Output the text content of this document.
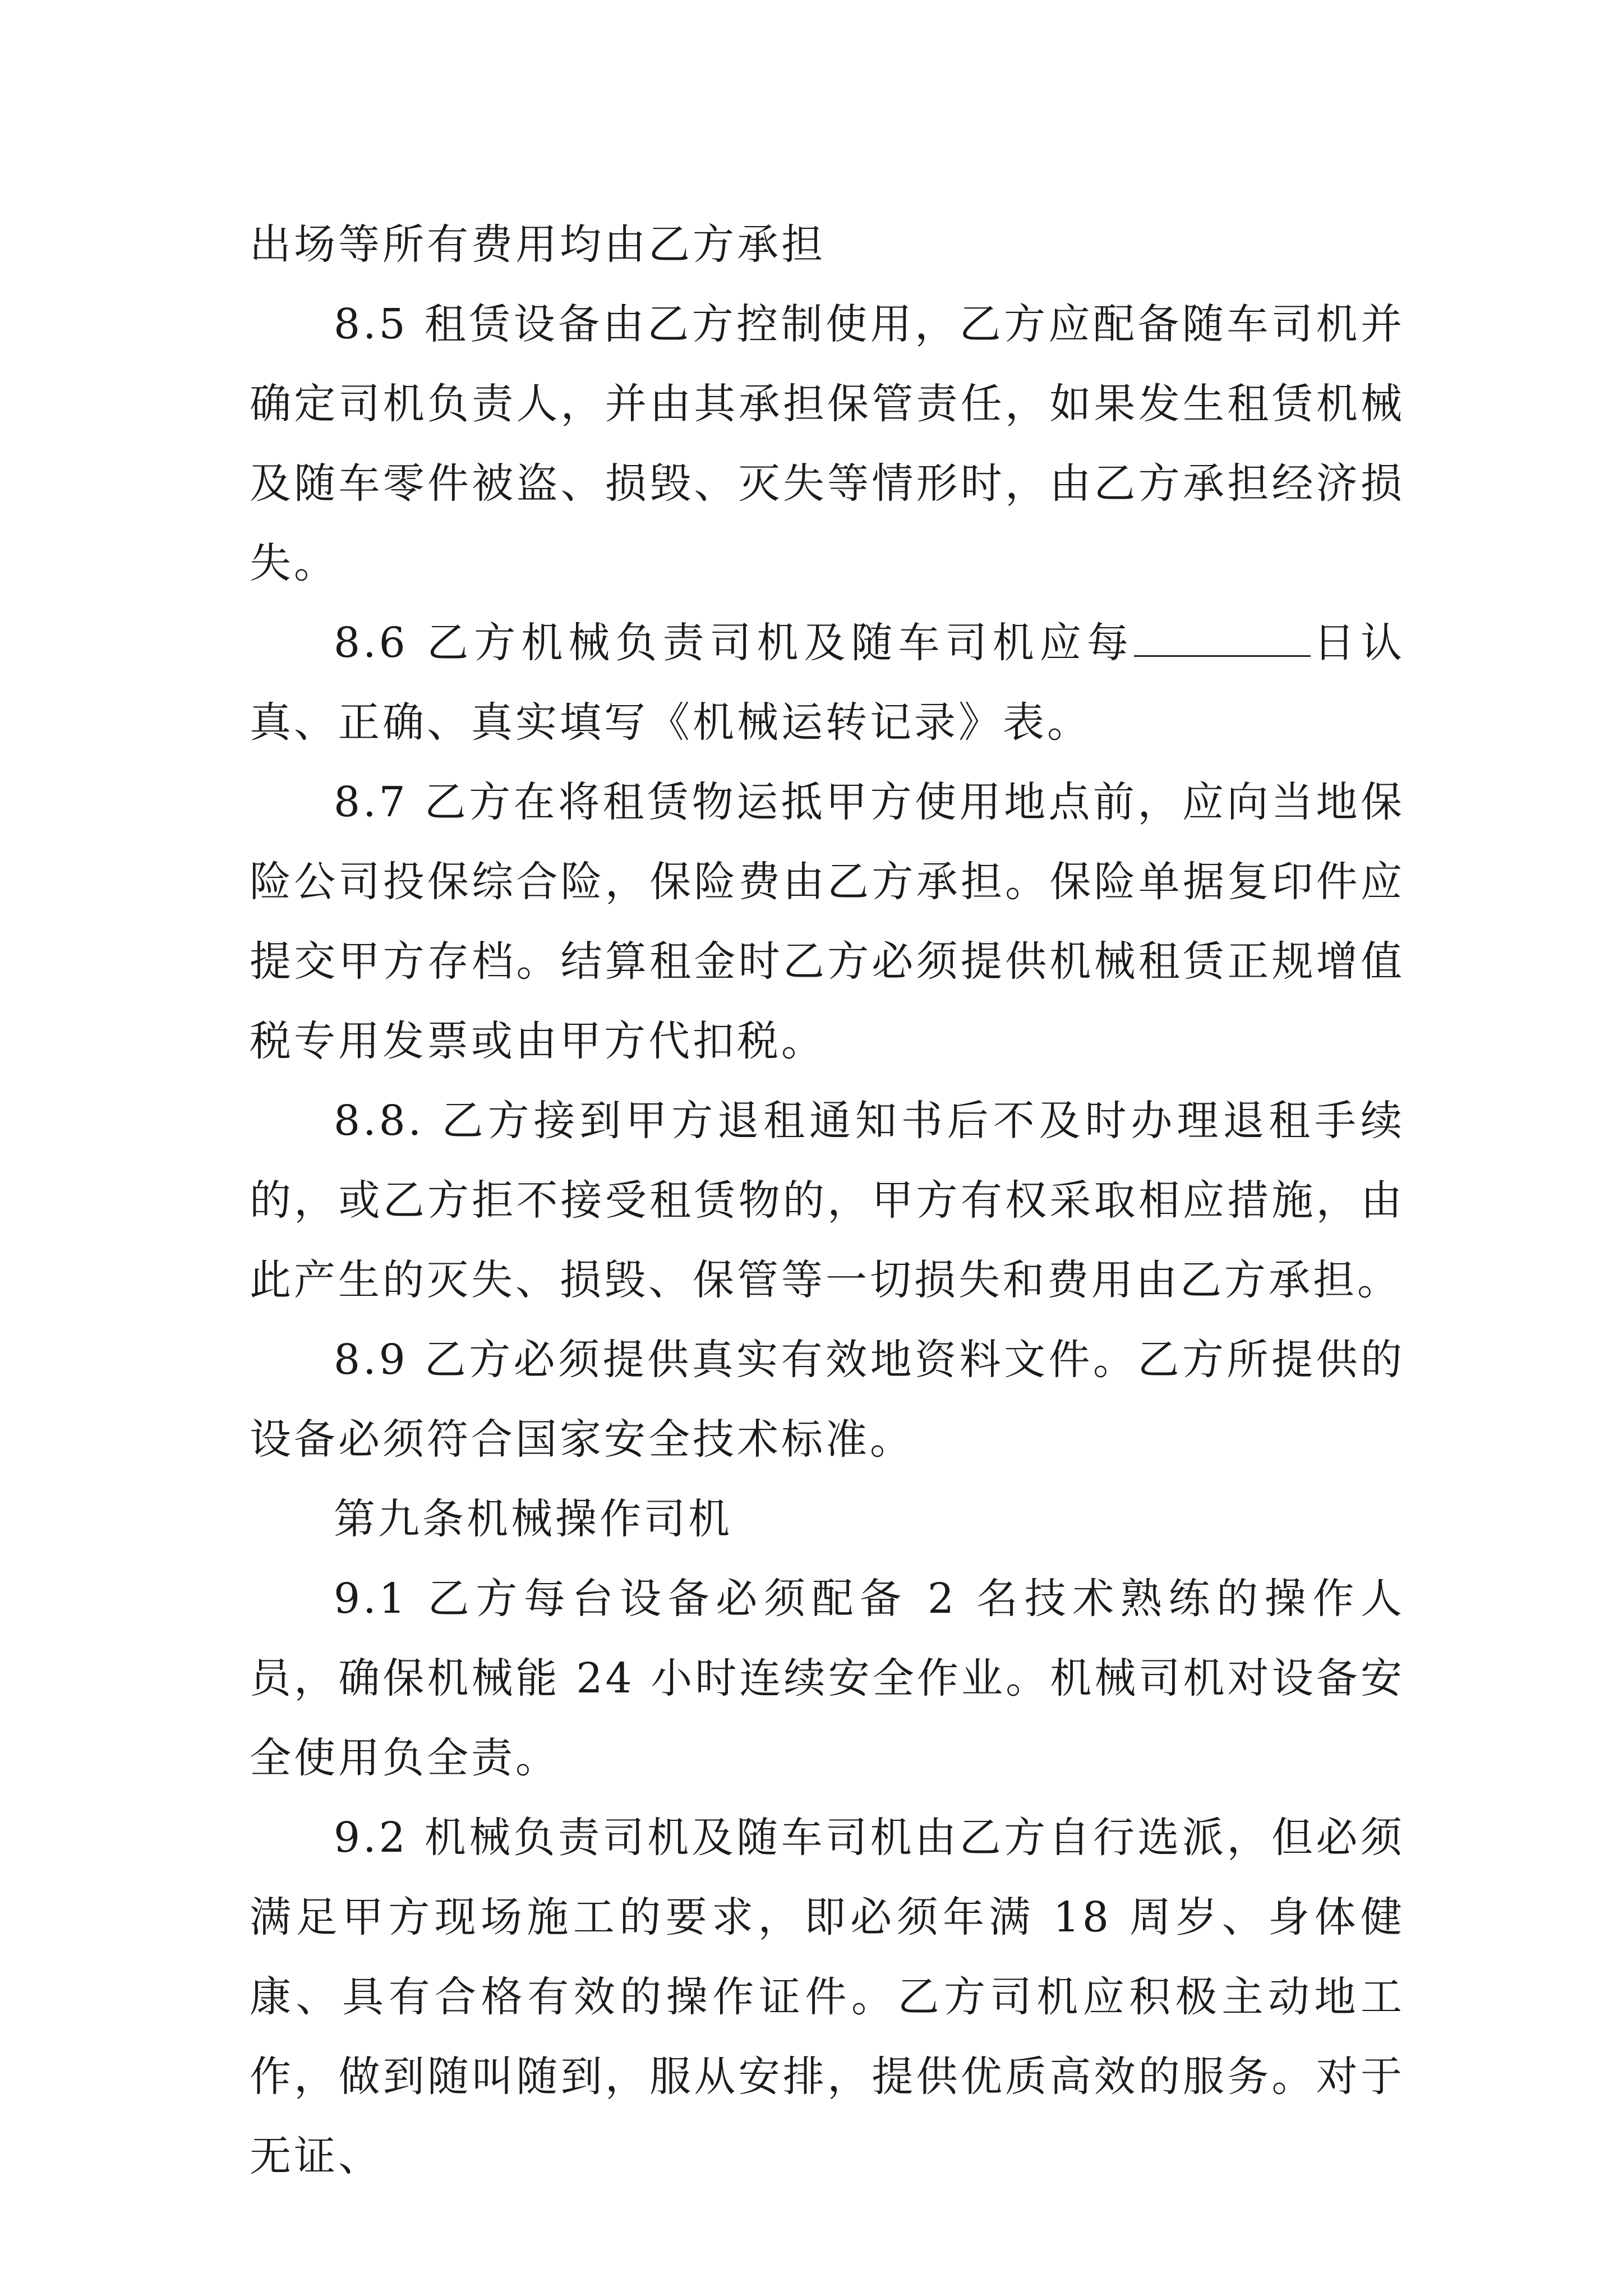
出场等所有费用均由乙方承担

8.5 租赁设备由乙方控制使用，乙方应配备随车司机并确定司机负责人，并由其承担保管责任，如果发生租赁机械及随车零件被盗、损毁、灭失等情形时，由乙方承担经济损失。

8.6 乙方机械负责司机及随车司机应每	日认真、正确、真实填写《机械运转记录》表。

8.7 乙方在将租赁物运抵甲方使用地点前，应向当地保险公司投保综合险，保险费由乙方承担。保险单据复印件应提交甲方存档。结算租金时乙方必须提供机械租赁正规增值税专用发票或由甲方代扣税。

8.8. 乙方接到甲方退租通知书后不及时办理退租手续的，或乙方拒不接受租赁物的，甲方有权采取相应措施，由此产生的灭失、损毁、保管等一切损失和费用由乙方承担。

8.9 乙方必须提供真实有效地资料文件。乙方所提供的设备必须符合国家安全技术标准。

第九条机械操作司机

9.1 乙方每台设备必须配备 2 名技术熟练的操作人员，确保机械能 24 小时连续安全作业。机械司机对设备安全使用负全责。

9.2 机械负责司机及随车司机由乙方自行选派，但必须满足甲方现场施工的要求，即必须年满 18 周岁、身体健康、具有合格有效的操作证件。乙方司机应积极主动地工作，做到随叫随到，服从安排，提供优质高效的服务。对于无证、
